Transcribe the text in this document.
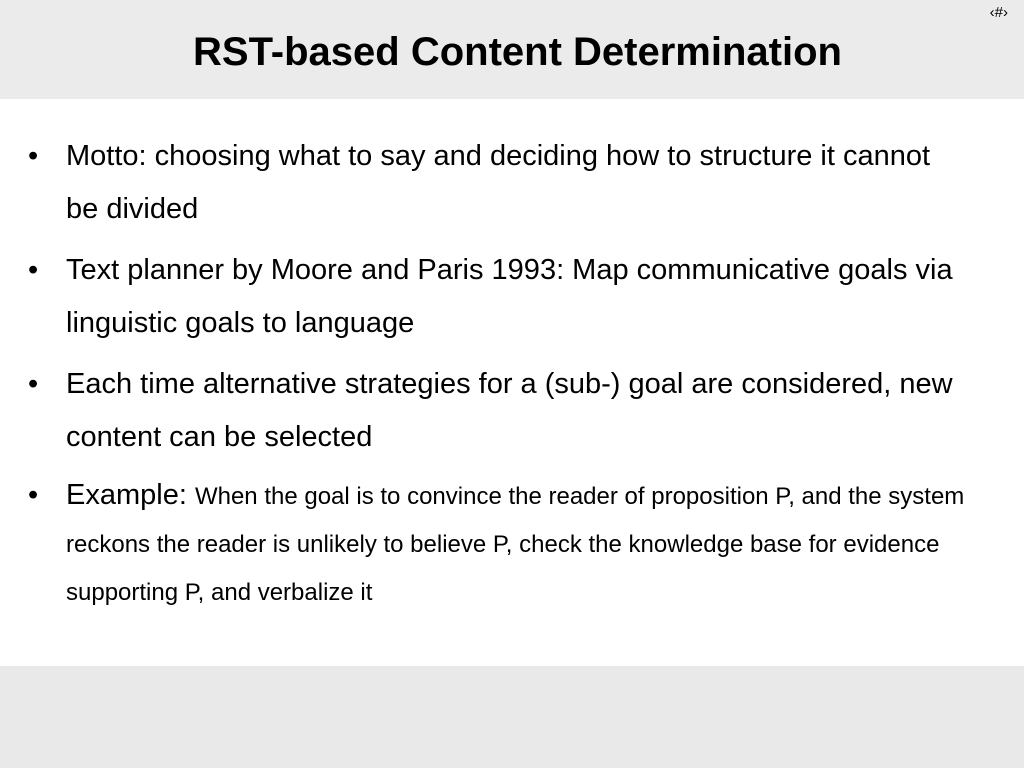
‹#›
RST-based Content Determination
• Motto: choosing what to say and deciding how to structure it cannot be divided
• Text planner by Moore and Paris 1993: Map communicative goals via linguistic goals to language
• Each time alternative strategies for a (sub-) goal are considered, new content can be selected
• Example: When the goal is to convince the reader of proposition P, and the system reckons the reader is unlikely to believe P, check the knowledge base for evidence supporting P, and verbalize it
